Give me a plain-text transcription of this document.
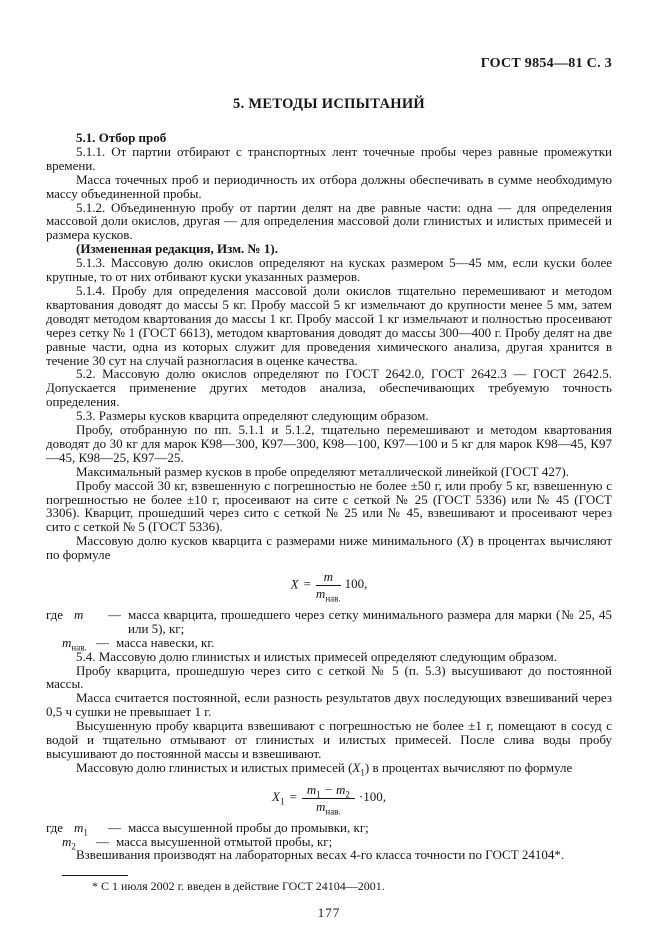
ГОСТ 9854—81 С. 3
5. МЕТОДЫ ИСПЫТАНИЙ

5.1. Отбор проб

5.1.1. От партии отбирают с транспортных лент точечные пробы через равные промежутки времени.

Масса точечных проб и периодичность их отбора должны обеспечивать в сумме необходимую массу объединенной пробы.

5.1.2. Объединенную пробу от партии делят на две равные части: одна — для определения массовой доли окислов, другая — для определения массовой доли глинистых и илистых примесей и размера кусков.

(Измененная редакция, Изм. № 1).

5.1.3. Массовую долю окислов определяют на кусках размером 5—45 мм, если куски более крупные, то от них отбивают куски указанных размеров.

5.1.4. Пробу для определения массовой доли окислов тщательно перемешивают и методом квартования доводят до массы 5 кг. Пробу массой 5 кг измельчают до крупности менее 5 мм, затем доводят методом квартования до массы 1 кг. Пробу массой 1 кг измельчают и полностью просеивают через сетку № 1 (ГОСТ 6613), методом квартования доводят до массы 300—400 г. Пробу делят на две равные части, одна из которых служит для проведения химического анализа, другая хранится в течение 30 сут на случай разногласия в оценке качества.

5.2. Массовую долю окислов определяют по ГОСТ 2642.0, ГОСТ 2642.3 — ГОСТ 2642.5. Допускается применение других методов анализа, обеспечивающих требуемую точность определения.

5.3. Размеры кусков кварцита определяют следующим образом.

Пробу, отобранную по пп. 5.1.1 и 5.1.2, тщательно перемешивают и методом квартования доводят до 30 кг для марок К98—300, К97—300, К98—100, К97—100 и 5 кг для марок К98—45, К97—45, К98—25, К97—25.

Максимальный размер кусков в пробе определяют металлической линейкой (ГОСТ 427).

Пробу массой 30 кг, взвешенную с погрешностью не более ±50 г, или пробу 5 кг, взвешенную с погрешностью не более ±10 г, просеивают на сите с сеткой № 25 (ГОСТ 5336) или № 45 (ГОСТ 3306). Кварцит, прошедший через сито с сеткой № 25 или № 45, взвешивают и просеивают через сито с сеткой № 5 (ГОСТ 5336).

Массовую долю кусков кварцита с размерами ниже минимального (X) в процентах вычисляют по формуле

$X = \frac{m}{m_{нав.}} 100$,
где m	— масса кварцита, прошедшего через сетку минимального размера для марки (№ 25, 45 или 5), кг;
$m_{нав.}$ — масса навески, кг.

5.4. Массовую долю глинистых и илистых примесей определяют следующим образом.

Пробу кварцита, прошедшую через сито с сеткой № 5 (п. 5.3) высушивают до постоянной массы.

Масса считается постоянной, если разность результатов двух последующих взвешиваний через 0,5 ч сушки не превышает 1 г.

Высушенную пробу кварцита взвешивают с погрешностью не более ±1 г, помещают в сосуд с водой и тщательно отмывают от глинистых и илистых примесей. После слива воды пробу высушивают до постоянной массы и взвешивают.

Массовую долю глинистых и илистых примесей $(X_1)$ в процентах вычисляют по формуле

$X_1 = \frac{m_1 - m_2}{m_{нав.}} \cdot 100$,
где $m_1$	— масса высушенной пробы до промывки, кг;
$m_2$	— масса высушенной отмытой пробы, кг;

Взвешивания производят на лабораторных весах 4-го класса точности по ГОСТ 24104*.

* С 1 июля 2002 г. введен в действие ГОСТ 24104—2001.

177
